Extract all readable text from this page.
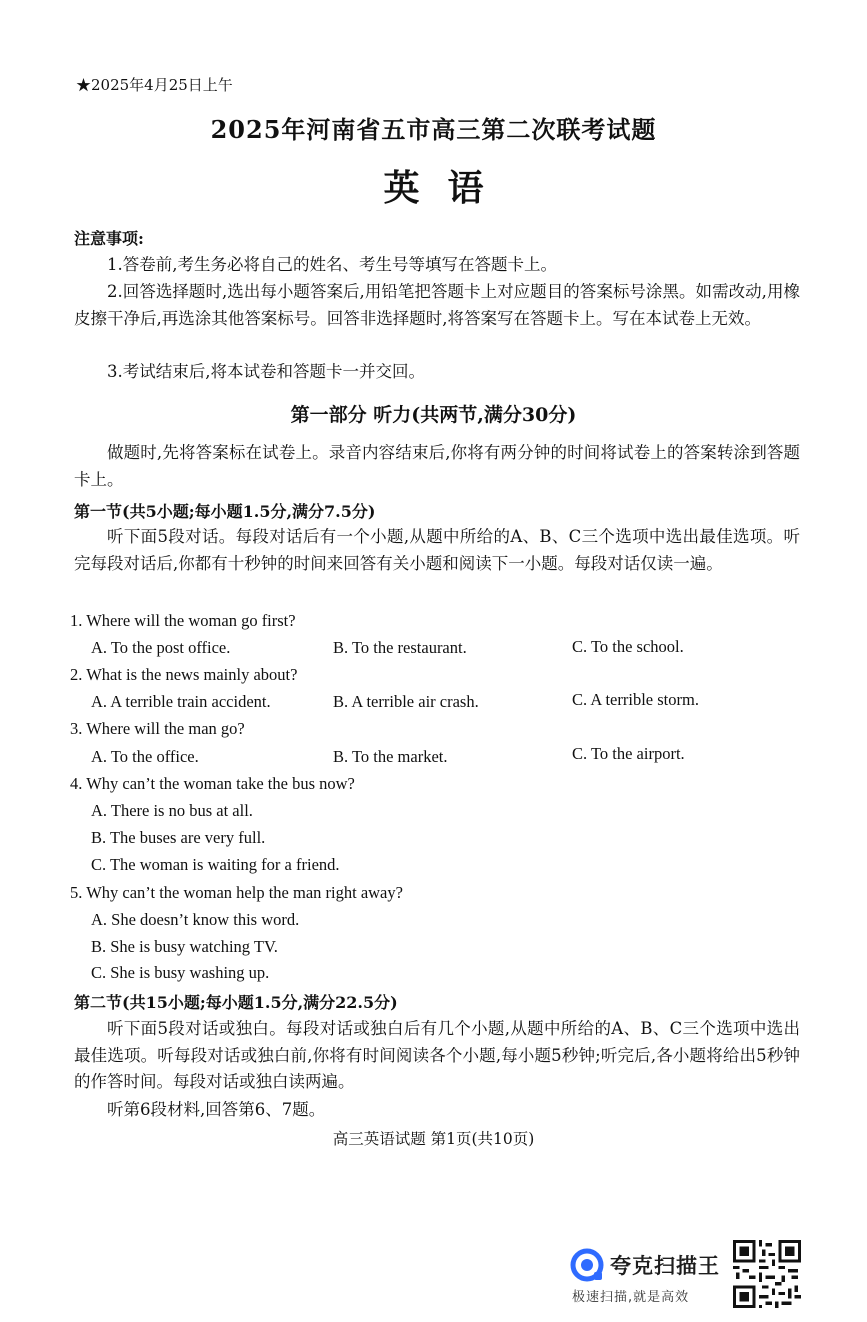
★2025年4月25日上午
2025年河南省五市高三第二次联考试题
英语
注意事项:
1.答卷前,考生务必将自己的姓名、考生号等填写在答题卡上。
2.回答选择题时,选出每小题答案后,用铅笔把答题卡上对应题目的答案标号涂黑。如需改动,用橡皮擦干净后,再选涂其他答案标号。回答非选择题时,将答案写在答题卡上。写在本试卷上无效。
3.考试结束后,将本试卷和答题卡一并交回。
第一部分 听力(共两节,满分30分)
做题时,先将答案标在试卷上。录音内容结束后,你将有两分钟的时间将试卷上的答案转涂到答题卡上。
第一节(共5小题;每小题1.5分,满分7.5分)
听下面5段对话。每段对话后有一个小题,从题中所给的A、B、C三个选项中选出最佳选项。听完每段对话后,你都有十秒钟的时间来回答有关小题和阅读下一小题。每段对话仅读一遍。
1. Where will the woman go first?
A. To the post office.	B. To the restaurant.	C. To the school.
2. What is the news mainly about?
A. A terrible train accident.	B. A terrible air crash.	C. A terrible storm.
3. Where will the man go?
A. To the office.	B. To the market.	C. To the airport.
4. Why can’t the woman take the bus now?
A. There is no bus at all.
B. The buses are very full.
C. The woman is waiting for a friend.
5. Why can’t the woman help the man right away?
A. She doesn’t know this word.
B. She is busy watching TV.
C. She is busy washing up.
第二节(共15小题;每小题1.5分,满分22.5分)
听下面5段对话或独白。每段对话或独白后有几个小题,从题中所给的A、B、C三个选项中选出最佳选项。听每段对话或独白前,你将有时间阅读各个小题,每小题5秒钟;听完后,各小题将给出5秒钟的作答时间。每段对话或独白读两遍。
听第6段材料,回答第6、7题。
高三英语试题 第1页(共10页)
夸克扫描王
极速扫描,就是高效
